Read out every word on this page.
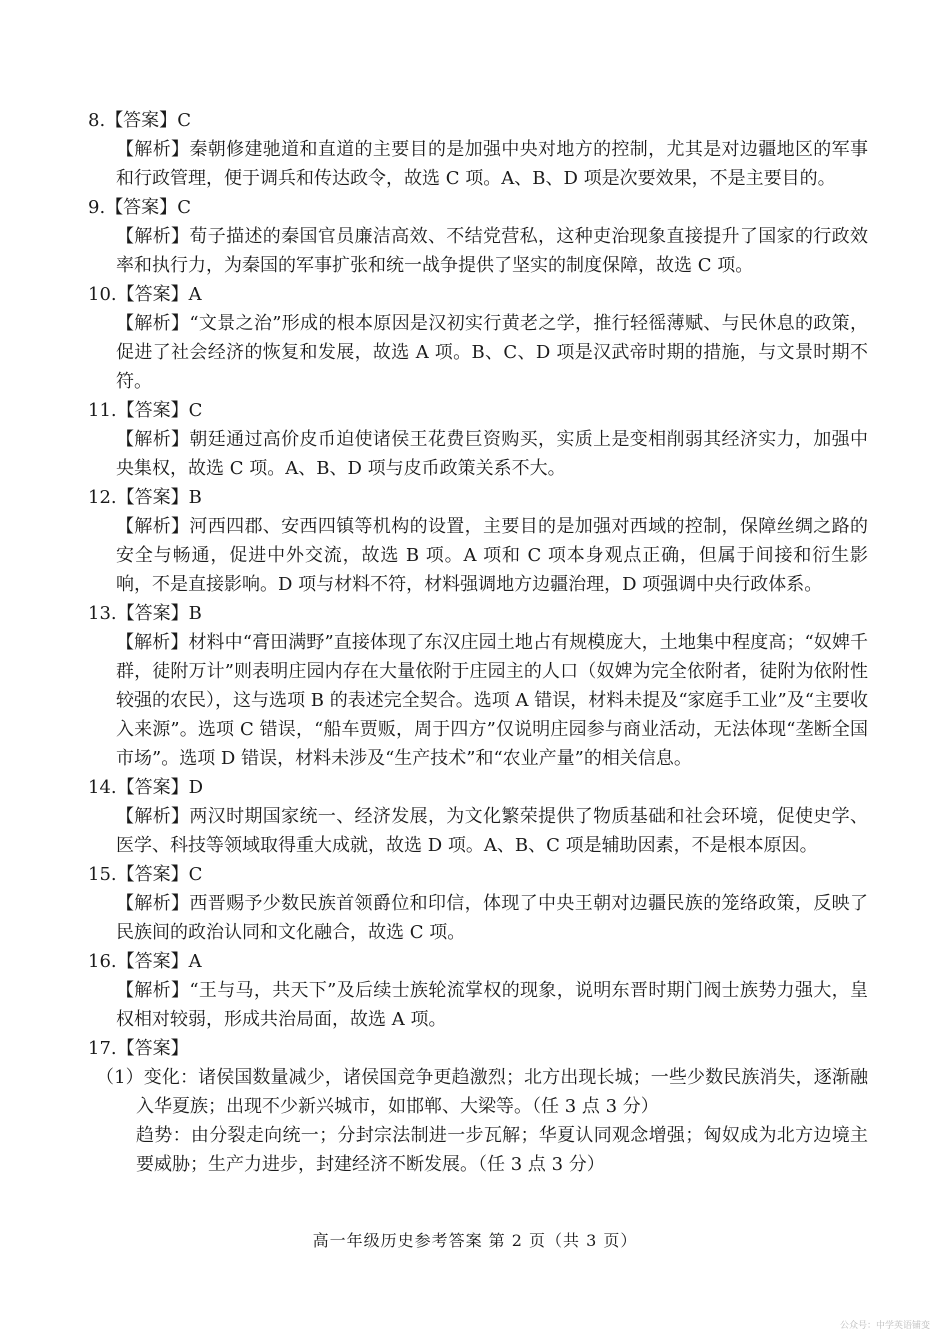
8.【答案】C

【解析】秦朝修建驰道和直道的主要目的是加强中央对地方的控制，尤其是对边疆地区的军事和行政管理，便于调兵和传达政令，故选 C 项。A、B、D 项是次要效果，不是主要目的。

9.【答案】C

【解析】荀子描述的秦国官员廉洁高效、不结党营私，这种吏治现象直接提升了国家的行政效率和执行力，为秦国的军事扩张和统一战争提供了坚实的制度保障，故选 C 项。

10.【答案】A

【解析】“文景之治”形成的根本原因是汉初实行黄老之学，推行轻徭薄赋、与民休息的政策，促进了社会经济的恢复和发展，故选 A 项。B、C、D 项是汉武帝时期的措施，与文景时期不符。

11.【答案】C

【解析】朝廷通过高价皮币迫使诸侯王花费巨资购买，实质上是变相削弱其经济实力，加强中央集权，故选 C 项。A、B、D 项与皮币政策关系不大。

12.【答案】B

【解析】河西四郡、安西四镇等机构的设置，主要目的是加强对西域的控制，保障丝绸之路的安全与畅通，促进中外交流，故选 B 项。A 项和 C 项本身观点正确，但属于间接和衍生影响，不是直接影响。D 项与材料不符，材料强调地方边疆治理，D 项强调中央行政体系。

13.【答案】B

【解析】材料中“膏田满野”直接体现了东汉庄园土地占有规模庞大，土地集中程度高；“奴婢千群，徒附万计”则表明庄园内存在大量依附于庄园主的人口（奴婢为完全依附者，徒附为依附性较强的农民），这与选项 B 的表述完全契合。选项 A 错误，材料未提及“家庭手工业”及“主要收入来源”。选项 C 错误，“船车贾贩，周于四方”仅说明庄园参与商业活动，无法体现“垄断全国市场”。选项 D 错误，材料未涉及“生产技术”和“农业产量”的相关信息。

14.【答案】D

【解析】两汉时期国家统一、经济发展，为文化繁荣提供了物质基础和社会环境，促使史学、医学、科技等领域取得重大成就，故选 D 项。A、B、C 项是辅助因素，不是根本原因。

15.【答案】C

【解析】西晋赐予少数民族首领爵位和印信，体现了中央王朝对边疆民族的笼络政策，反映了民族间的政治认同和文化融合，故选 C 项。

16.【答案】A

【解析】“王与马，共天下”及后续士族轮流掌权的现象，说明东晋时期门阀士族势力强大，皇权相对较弱，形成共治局面，故选 A 项。

17.【答案】

（1）变化：诸侯国数量减少，诸侯国竞争更趋激烈；北方出现长城；一些少数民族消失，逐渐融入华夏族；出现不少新兴城市，如邯郸、大梁等。（任 3 点 3 分）

趋势：由分裂走向统一；分封宗法制进一步瓦解；华夏认同观念增强；匈奴成为北方边境主要威胁；生产力进步，封建经济不断发展。（任 3 点 3 分）

高一年级历史参考答案 第 2 页（共 3 页）
公众号：中学英语铺变
